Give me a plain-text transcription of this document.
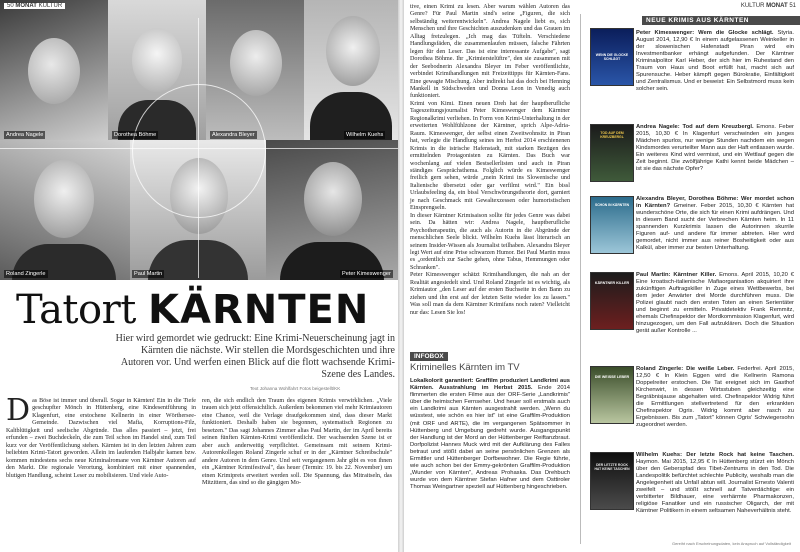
50 MONAT KULTUR
Andrea Nagele	Dorothea Böhme	Alexandra Bleyer	Wilhelm Kuehs
Roland Zingerle	Paul Martin	Peter Kimeswenger
Tatort KÄRNTEN
Hier wird gemordet wie gedruckt: Eine Krimi-Neuerscheinung jagt in Kärnten die nächste. Wir stellen die Mordsgeschichten und ihre Autoren vor. Und werfen einen Blick auf die flott wachsende Krimi-Szene des Landes.
Text Johanna Wohlfahrt Fotos beigestellt/KK
Das Böse ist immer und überall. Sogar in Kärnten! Ein in die Tiefe geschupfter Mönch in Hüttenberg, eine Kindesentführung in Klagenfurt, eine erstochene Kellnerin in einer Wörthersee-Gemeinde. Dazwischen viel Mafia, Korruptions-Filz, Kaltblütigkeit und seelische Abgründe. Das alles passiert – jetzt, frei erfunden – zwei Buchdeckeln, die zum Teil schon im Handel sind, zum Teil kurz vor der Veröffentlichung stehen. Kärnten ist in den letzten Jahren zum beliebten Krimi-Tatort geworden. Allein im laufenden Halbjahr kamen bzw. kommen mindestens sechs neue Kriminalromane von Kärntner Autoren auf den Markt. Die regionale Verortung, kombiniert mit einer spannenden, blutigen Handlung, scheint Leser zu mobilisieren. Und viele Auto-
ren, die sich endlich den Traum des eigenen Krimis verwirklichen. „Viele trauen sich jetzt offensichtlich. Außerdem bekommen viel mehr Krimiautoren eine Chance, weil die Verlage draufgekommen sind, dass dieser Markt funktioniert. Deshalb haben sie begonnen, systematisch Regionen zu besetzen." Das sagt Johannes Zimmer alias Paul Martin, der im April bereits seinen fünften Kärnten-Krimi veröffentlicht. Der wachsenden Szene ist er aber auch anderweitig verpflichtet. Gemeinsam mit seinem Krimi-Autorenkollegen Roland Zingerle schuf er in der „Kärntner Schreibschule" andere Autoren in dem Genre. Und seit vergangenem Jahr gibt es von ihnen ein „Kärntner Krimifestival", das heuer (Termin: 19. bis 22. November) um einen Krimipreis erweitert werden soll. Die Spannung, das Mitraitseln, das Mitzittern, das sind so die gängigen Mo-
KULTUR MONAT 51

tive, einen Krimi zu lesen. Aber warum wählen Autoren das Genre? Für Paul Martin sind's seine „Figuren, die sich selbständig weiterentwickeln". Andrea Nagele liebt es, sich Menschen und ihre Geschichten auszudenken und das Grauen im Alltag freizulegen. „Ich mag das Tüfteln. Verschiedene Handlungsfäden, die zusammenlaufen müssen, falsche Fährten legen für den Leser. Das ist eine interessante Aufgabe", sagt Dorothea Böhme. Ihr „Krimierstelüftre", den sie zusammen mit der Seebodnerin Alexandra Bleyer im Feber veröffentlichte, verbindet Krimihandlungen mit Freizeittipps für Kärnten-Fans. Eine gewagte Mischung. Aber indirekt hat das doch bei Henning Mankell in Südschweden und Donna Leon in Venedig auch funktioniert.

Krimi von Kimi. Einen neuen Dreh hat der hauptberufliche Tageszeitungsjournalist Peter Kimeswenger dem Kärntner Regionalkrimi verliehen. In Form von Krimi-Unterhaltung in der erweiterten Wohlfühlzone der Kärntner, sprich Alpe-Adria-Raum. Kimeswenger, der selbst einen Zweitwohnsitz in Piran hat, verlegte die Handlung seines im Herbst 2014 erschienenen Krimis in die istrische Hafenstadt, mit starken Bezügen des ermittelnden Protagonisten zu Kärnten. Das Buch war wochenlang auf vielen Bestsellerlisten und auch in Piran ständiges Gesprächsthema. Folglich würde es Kimeswenger freilich gern sehen, würde „mein Krimi ins Slowenische und Italienische übersetzt oder gar verfilmt wird." Ein bissl Urlaubsfeeling da, ein bissl Verschwörungstheorie dort, garniert je nach Geschmack mit Gewaltexzessen oder humoristischen Einsprengseln.

In dieser Kärntner Krimisaison sollte für jedes Genre was dabei sein. Da hätten wir: Andrea Nagele, hauptberufliche Psychotherapeutin, die auch als Autorin in die Abgründe der menschlichen Seele blickt. Wilhelm Kuehs lässt literarisch an seinem Insider-Wissen als Journalist teilhaben. Alexandra Bleyer legt Wert auf eine Prise schwarzen Humor. Bei Paul Martin muss es „ordentlich zur Sache gehen, ohne Tabus, Hemmungen oder Schranken".

Peter Kimeswenger schätzt Krimihandlungen, die nah an der Realität angesiedelt sind. Und Roland Zingerle ist es wichtig, als Krimiautor „den Leser auf der ersten Buchseite in den Bann zu ziehen und ihn erst auf der letzten Seite wieder los zu lassen." Was soll man da dem Kärntner Krimifans noch raten? Vielleicht nur das: Lesen Sie los!

INFOBOX
Kriminelles Kärnten im TV
Lokalkolorit garantiert: Graffilm produziert Landkrimi aus Kärnten. Ausstrahlung im Herbst 2015. Ende 2014 flimmerten die ersten Filme aus der ORF-Serie „Landkrimis" über die heimischen Fernseher. Und heuer soll erstmals auch ein Landkrimi aus Kärnten ausgestrahlt werden. „Wenn du wüsstest, wie schön es hier ist" ist eine Graffilm-Produktion (mit ORF und ARTE), die im vergangenen Spätsommer in Hüttenberg und Umgebung gedreht wurde. Ausgangspunkt der Handlung ist der Mord an der Hüttenberger Reiftanzbraut. Dorfpolizist Hannes Muck wird mit der Aufklärung des Falles betraut und stößt dabei an seine persönlichen Grenzen als Ermittler und Hüttenberger Dorfbewohner. Die Regie führte, wie auch schon bei der Emmy-gekrönten Graffilm-Produktion „Wunder von Kärnten", Andreas Prohaska. Das Drehbuch wurde von dem Kärntner Stefan Hafner und dem Osttiroler Thomas Weingartner speziell auf Hüttenberg hingeschrieben.
NEUE KRIMIS AUS KÄRNTEN
WENN DIE GLOCKE SCHLÄGT
Peter Kimeswenger: Wem die Glocke schlägt. Styria. August 2014, 12,90 € In einem aufgelassenen Weinkeller in der slowenischen Hafenstadt Piran wird ein Investmentbanker erhängt aufgefunden. Der Kärntner Kriminalpolitor Karl Heber, der sich hier im Ruhestand den Traum von Haus und Boot erfüllt hat, macht sich auf Spurensuche. Heber kämpft gegen Bürokratie, Einfältigkeit und Zentralismus. Und er beweist: Ein Selbstmord muss kein solcher sein.
TOD AUF DEM KREUZBERGL
Andrea Nagele: Tod auf dem Kreuzbergl. Emons. Feber 2015, 10,30 € In Klagenfurt verschwinden ein junges Mädchen spurlos, nur wenige Stunden nachdem ein wegen Kindsmordes verurteilter Mann aus der Haft entlassen wurde. Ein weiteres Kind wird vermisst, und ein Wettlauf gegen die Zeit beginnt. Die zwölfjährige Kathi kennt beide Mädchen – ist sie das nächste Opfer?
SCHON IN KÄRNTEN
Alexandra Bleyer, Dorothea Böhme: Wer mordet schon in Kärnten? Gmeiner. Feber 2015, 10,30 € Kärnten hat wunderschöne Orte, die sich für einen Krimi aufdrängen. Und in diesem Band sucht der Verbrechen Kärnten heim. In 11 spannenden Kurzkrimis lassen die Autorinnen skurrile Figuren auf- und andere für immer abtreten. Hier wird gemordet, nicht immer aus reiner Bosheitigkeit oder aus Kalkül, aber immer zur besten Unterhaltung.
KÄRNTNER KILLER
Paul Martin: Kärntner Killer. Emons. April 2015, 10,20 € Eine kroatisch-italienische Mafiaorganisation akquiriert ihre zukünftigen Auftragskiller in Zuge eines Wettbewerbs, bei dem jeder Anwärter drei Morde durchführen muss. Die Polizei glaubt nach den ersten Toten an einen Serientäter und beginnt zu ermitteln. Privatdetektiv Frank Remmitz, ehemals Chefinspektor der Mordkommission Klagenfurt, wird hinzugezogen, um den Fall aufzuklären. Doch die Situation gerät außer Kontrolle ...
DIE WEISSE LEBER
Roland Zingerle: Die weiße Leber. Federfrei. April 2015, 12,50 € In Klein Eggen wird die Kellnerin Ramona Doppelreiter erstochen. Die Tat ereignet sich im Gasthof Kirchenwirt, in dessen Wirtsstuben gleichzeitig eine Begräbnisjause abgehalten wird. Chefinspektor Widrig führt die Ermittlungen stellvertretend für den erkrankten Chefinspektor Ogris. Widrig kommt aber rasch zu Ergebnissen. Bis zum „Tatort" können Ogris' Schwiegersohn zugeordnet werden.
DER LETZTE ROCK HAT KEINE TASCHEN
Wilhelm Kuehs: Der letzte Rock hat keine Taschen. Haymon. Mai 2015, 12,95 € In Hüttenberg stürzt ein Mönch über den Geberspfad des Tibet-Zentrums in den Tod. Die Landespolitik befürchtet schlechte Publicity, weshalb man die Angelegenheit als Unfall abtun will. Journalist Ernesto Valenti zweifelt – und stößt schnell auf Tatverdächtige: ein verbitterter Bildhauer, eine verhärmte Pharmakonzen, religiöse Fanatiker und ein russischer Oligarch, der mit Kärntner Politikern in einem seltsamen Naheverhältnis steht.
Gereiht nach Erscheinungsdaten, kein Anspruch auf Vollständigkeit
